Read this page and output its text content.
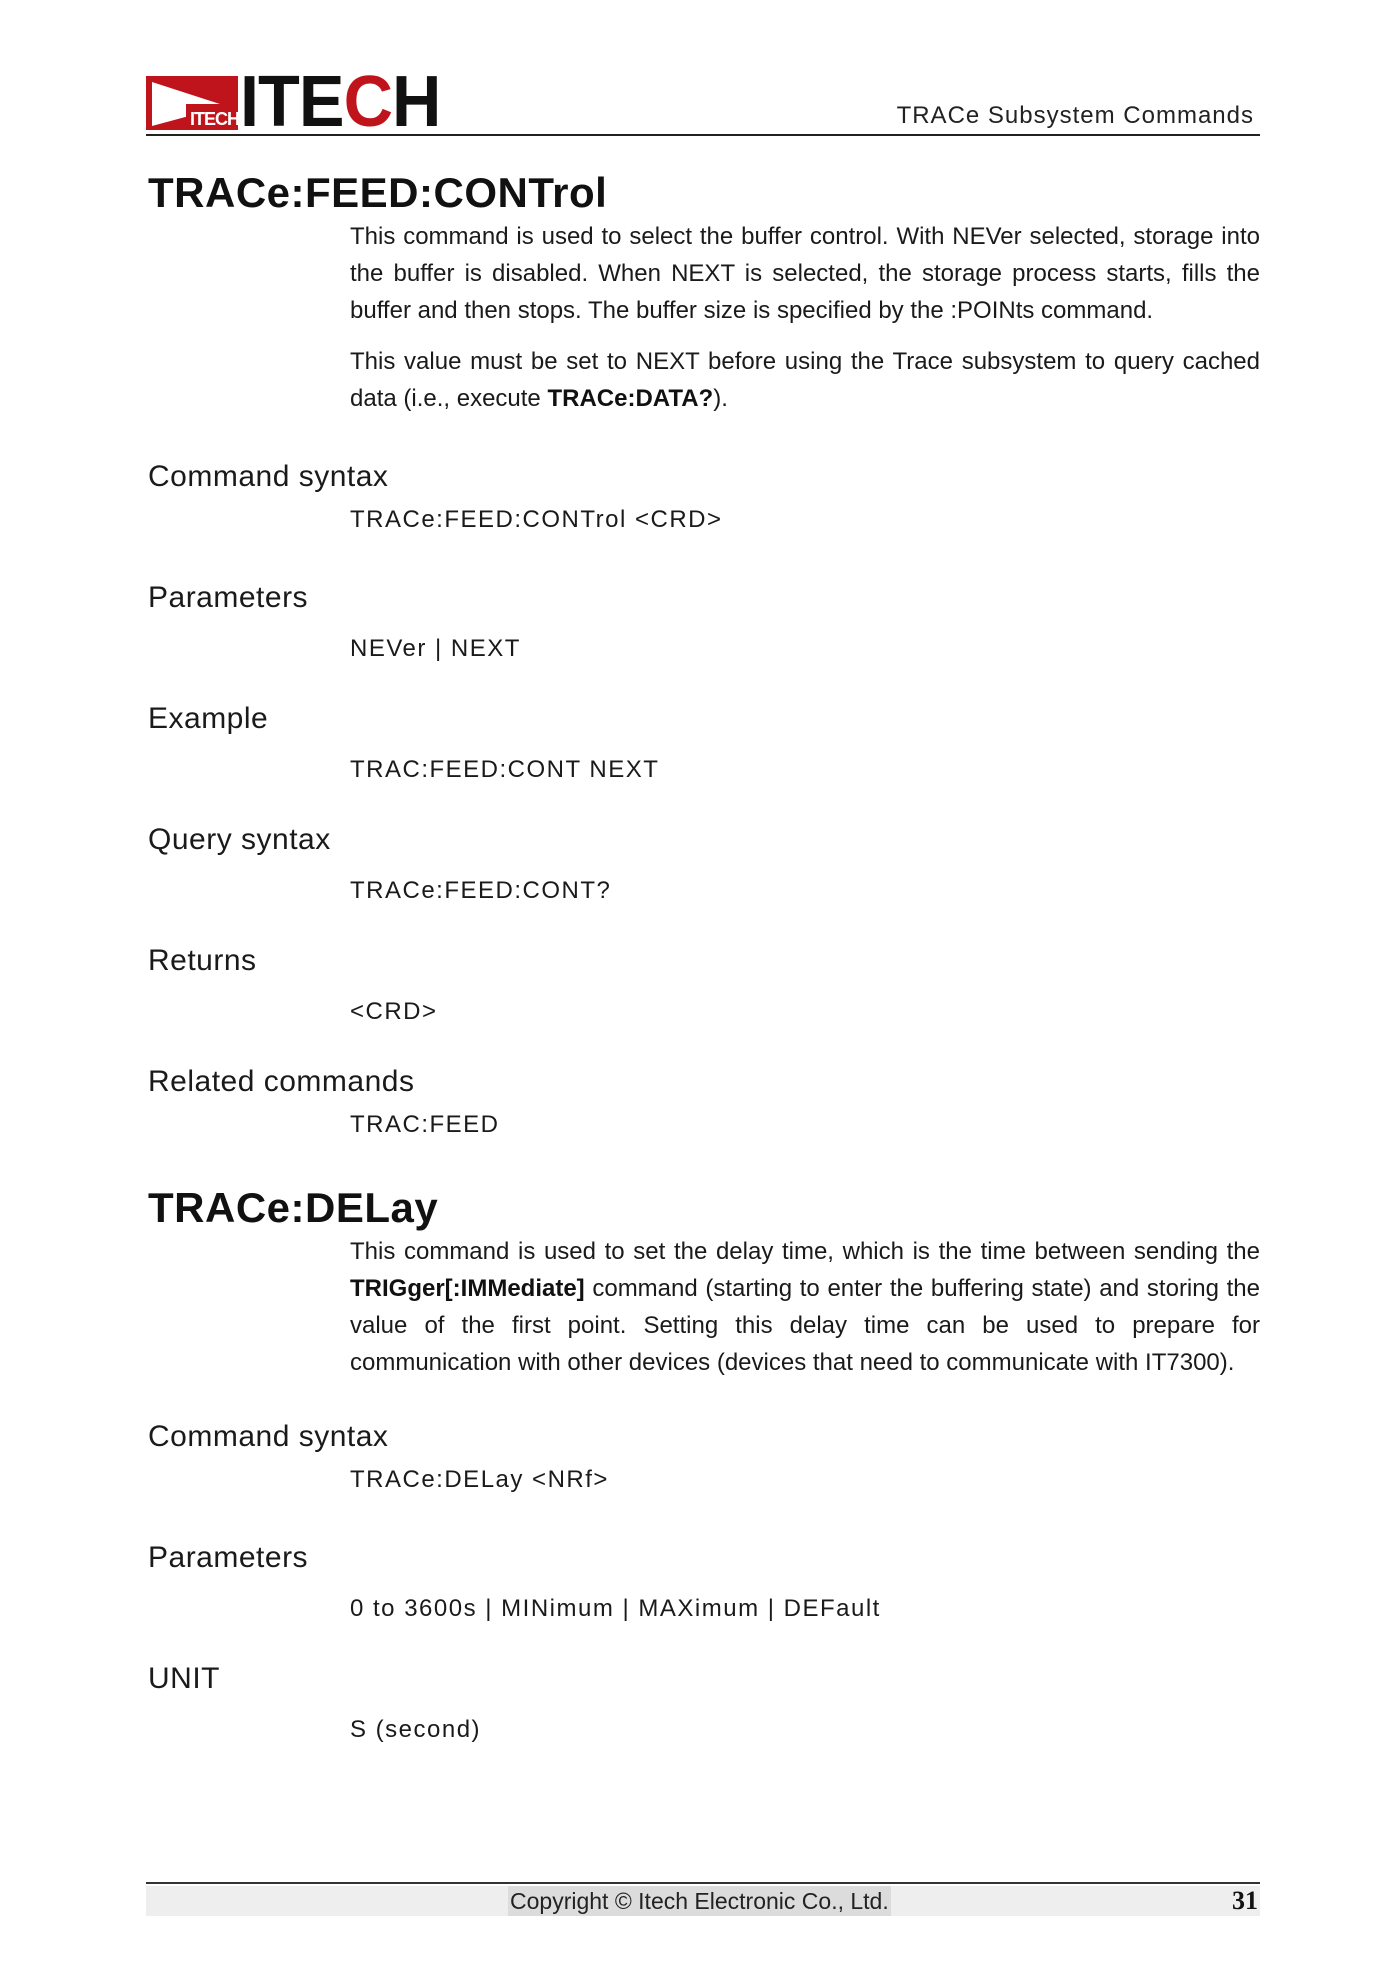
ITECH ITECH	TRACe Subsystem Commands
TRACe:FEED:CONTrol

This command is used to select the buffer control. With NEVer selected, storage into the buffer is disabled. When NEXT is selected, the storage process starts, fills the buffer and then stops. The buffer size is specified by the :POINts command.

This value must be set to NEXT before using the Trace subsystem to query cached data (i.e., execute TRACe:DATA?).

Command syntax
TRACe:FEED:CONTrol <CRD>
Parameters
NEVer | NEXT
Example
TRAC:FEED:CONT NEXT
Query syntax
TRACe:FEED:CONT?
Returns
<CRD>
Related commands
TRAC:FEED
TRACe:DELay

This command is used to set the delay time, which is the time between sending the TRIGger[:IMMediate] command (starting to enter the buffering state) and storing the value of the first point. Setting this delay time can be used to prepare for communication with other devices (devices that need to communicate with IT7300).

Command syntax
TRACe:DELay <NRf>
Parameters
0 to 3600s | MINimum | MAXimum | DEFault
UNIT
S (second)
Copyright © Itech Electronic Co., Ltd.	31
